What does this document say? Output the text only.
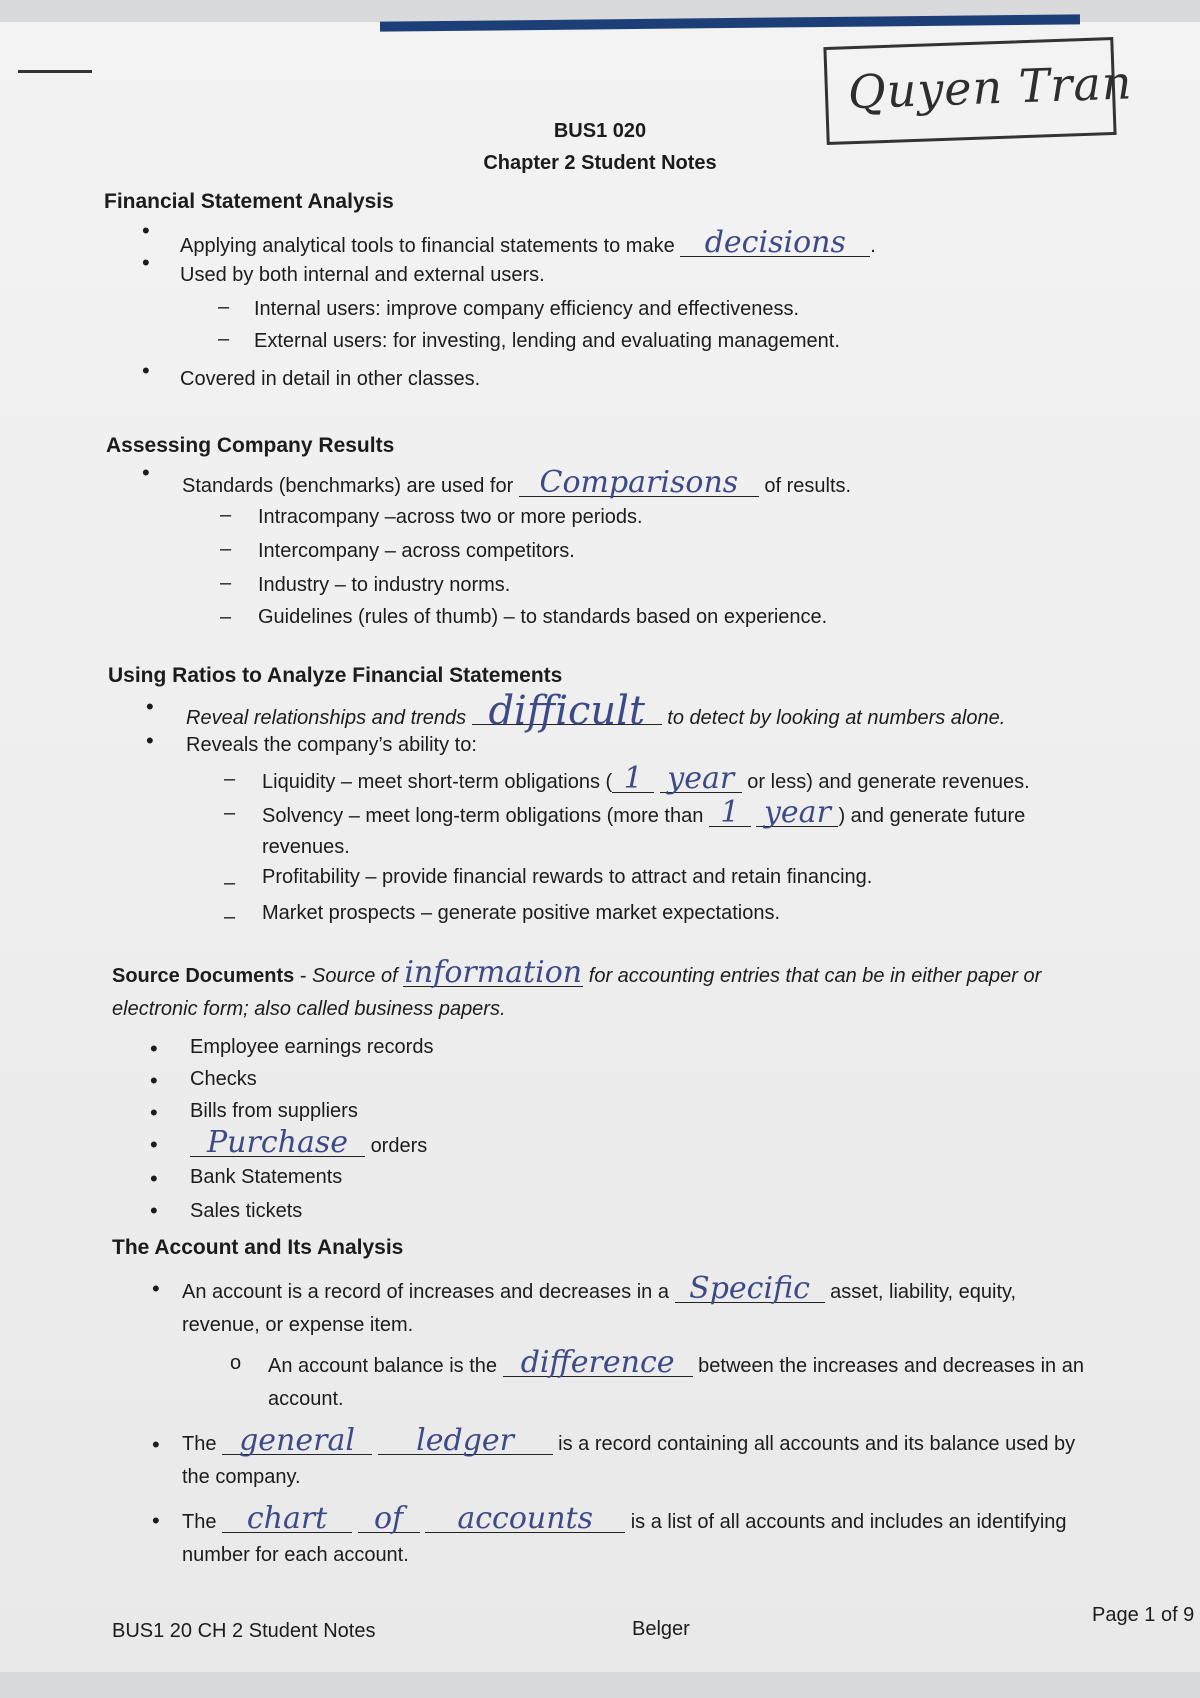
Quyen Tran
BUS1 020
Chapter 2 Student Notes
Financial Statement Analysis
•
Applying analytical tools to financial statements to make decisions .
• Used by both internal and external users.
– Internal users: improve company efficiency and effectiveness.
– External users: for investing, lending and evaluating management.
• Covered in detail in other classes.
Assessing Company Results
•
Standards (benchmarks) are used for Comparisons of results.
– Intracompany –across two or more periods.
– Intercompany – across competitors.
– Industry – to industry norms.
– Guidelines (rules of thumb) – to standards based on experience.
Using Ratios to Analyze Financial Statements
• Reveal relationships and trends difficult to detect by looking at numbers alone.
• Reveals the company’s ability to:
– Liquidity – meet short-term obligations ( 1 year or less) and generate revenues.
– Solvency – meet long-term obligations (more than 1 year ) and generate future
revenues.
– Profitability – provide financial rewards to attract and retain financing.
– Market prospects – generate positive market expectations.
Source Documents - Source of information for accounting entries that can be in either paper or
electronic form; also called business papers.
• Employee earnings records
• Checks
• Bills from suppliers
•	Purchase orders
• Bank Statements
• Sales tickets
The Account and Its Analysis
• An account is a record of increases and decreases in a Specific asset, liability, equity,
revenue, or expense item.
o An account balance is the difference between the increases and decreases in an
account.
• The general ledger is a record containing all accounts and its balance used by
the company.
• The chart of accounts is a list of all accounts and includes an identifying
number for each account.
BUS1 20 CH 2 Student Notes	Belger
Page 1 of 9
